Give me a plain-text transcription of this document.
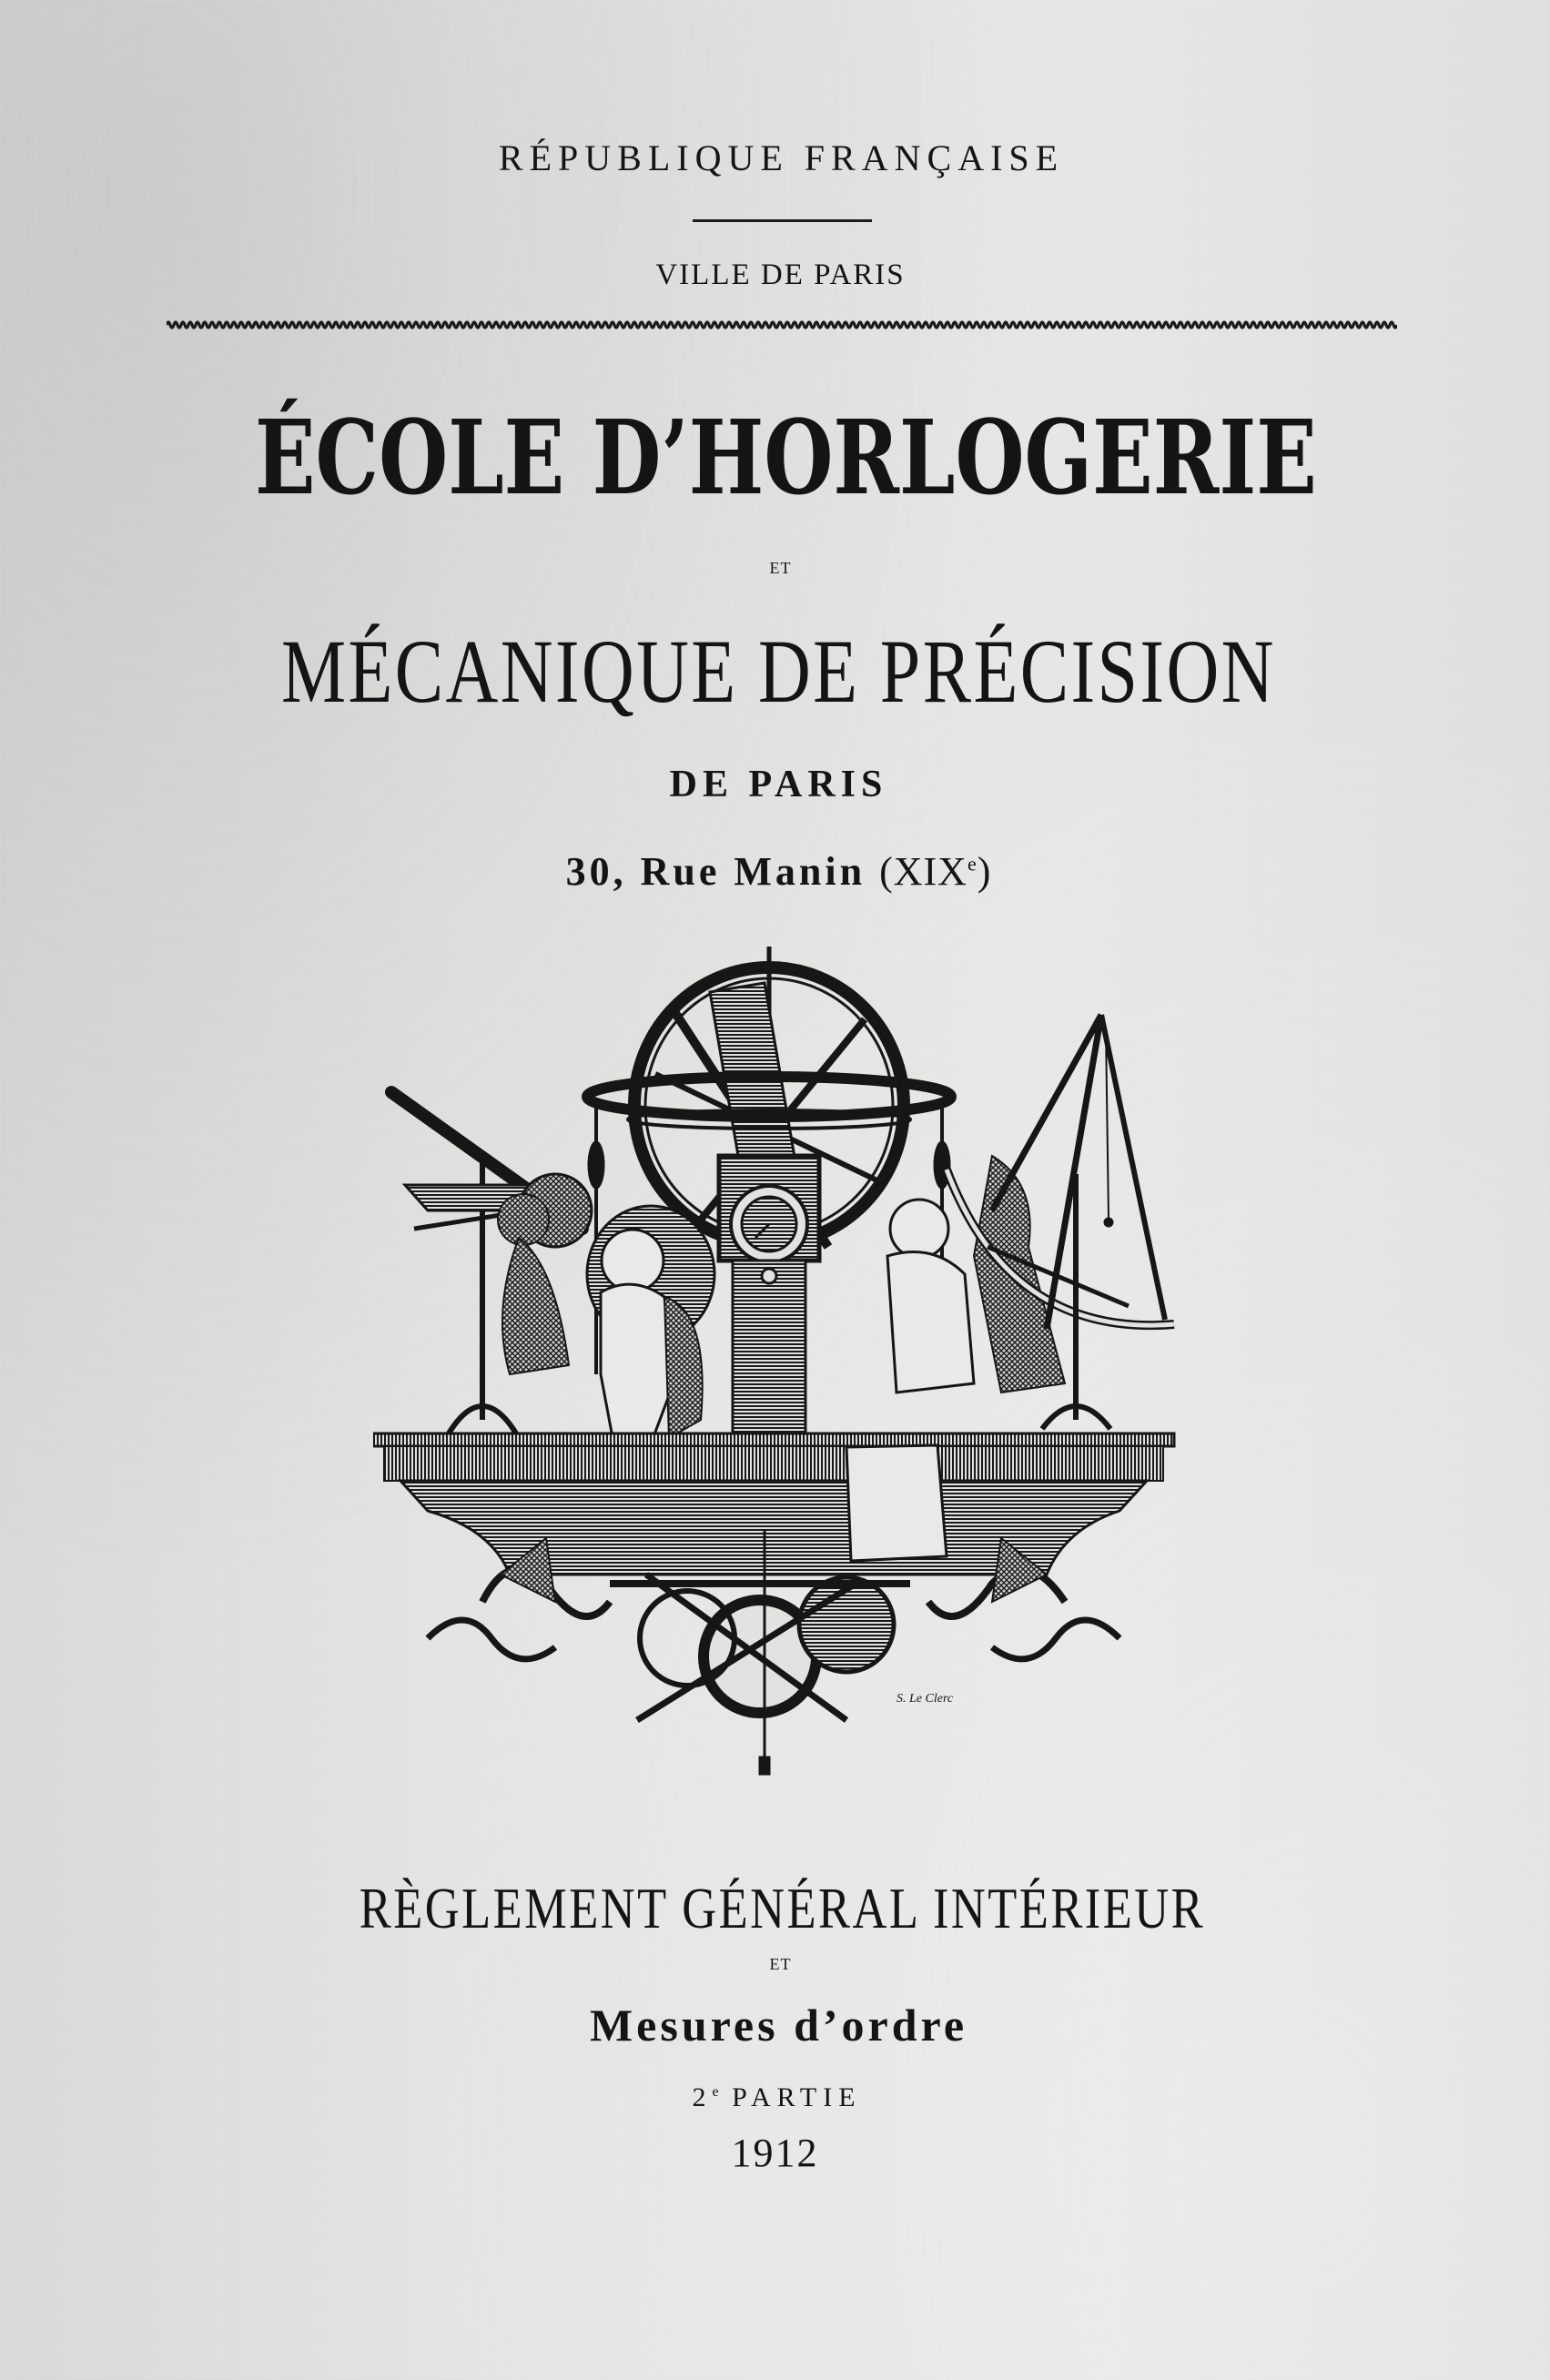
RÉPUBLIQUE FRANÇAISE
VILLE DE PARIS
ÉCOLE D’HORLOGERIE
ET
MÉCANIQUE DE PRÉCISION
DE PARIS
30, Rue Manin (XIXe)
S. Le Clerc
RÈGLEMENT GÉNÉRAL INTÉRIEUR
ET
Mesures d’ordre
2e PARTIE
1912
